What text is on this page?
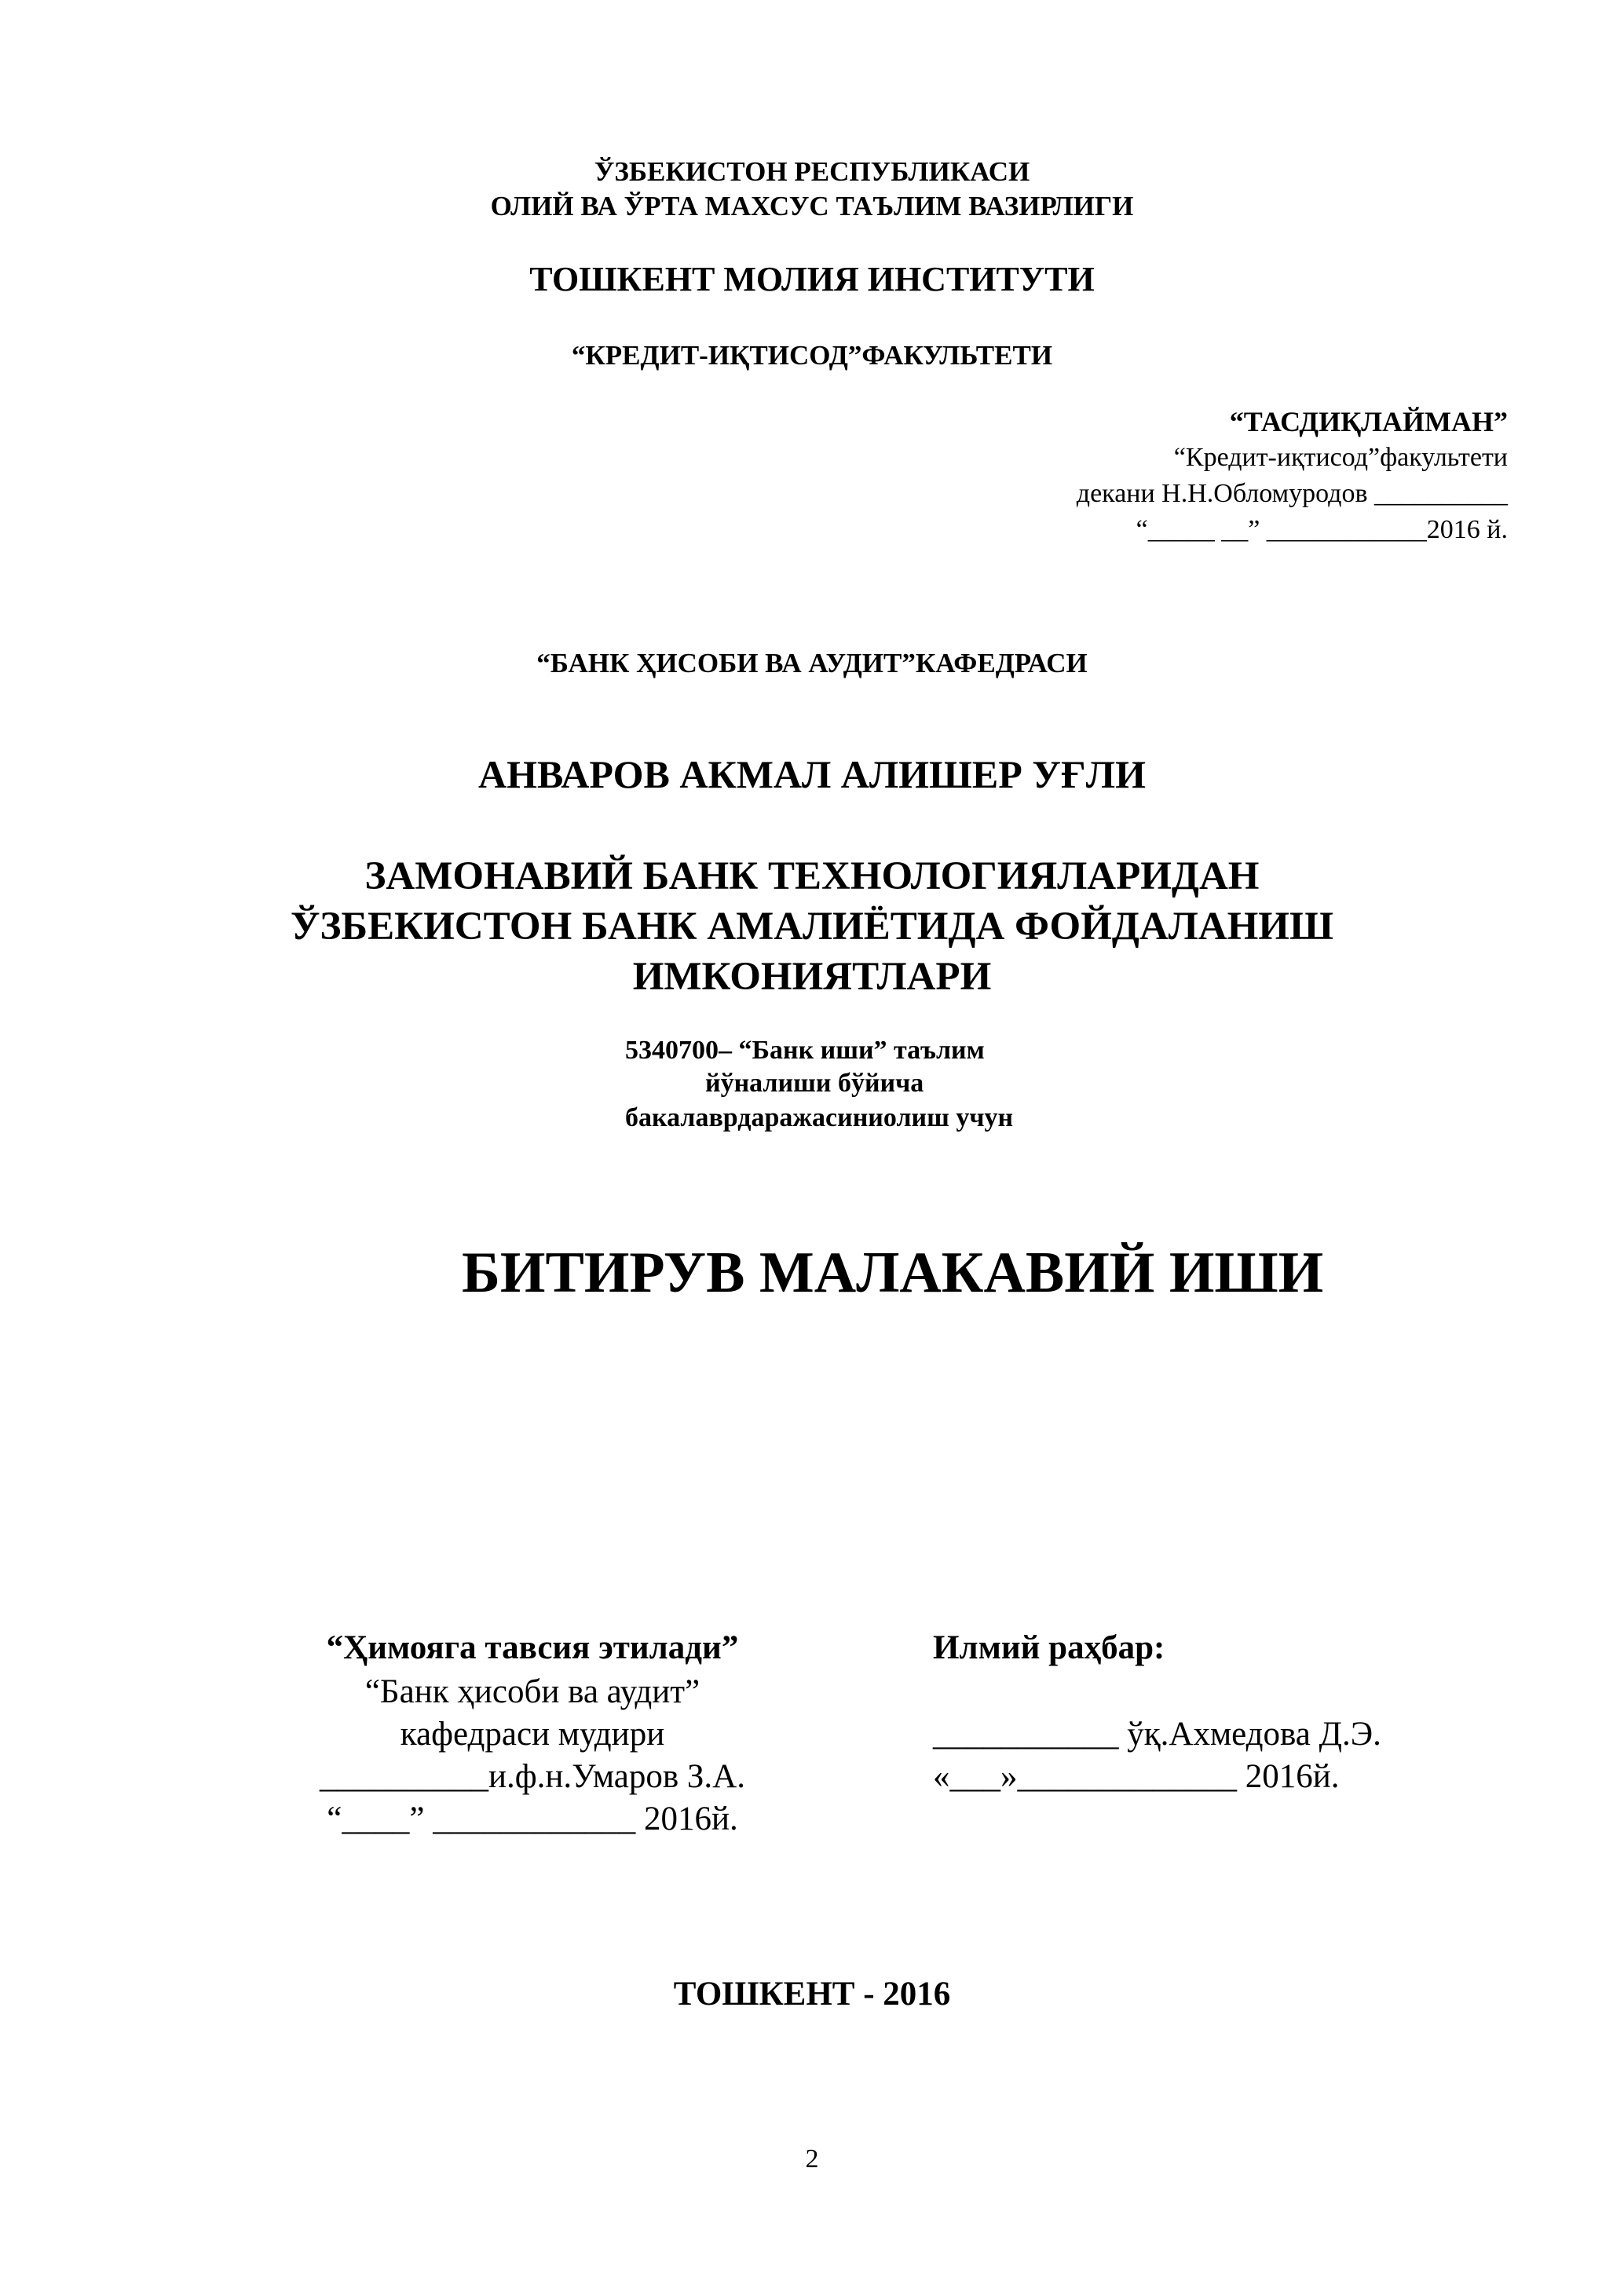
ЎЗБЕКИСТОН РЕСПУБЛИКАСИ
ОЛИЙ ВА ЎРТА МАХСУС ТАЪЛИМ ВАЗИРЛИГИ
ТОШКЕНТ МОЛИЯ ИНСТИТУТИ
“КРЕДИТ-ИҚТИСОД”ФАКУЛЬТЕТИ
“ТАСДИҚЛАЙМАН”
“Кредит-иқтисод”факультети
декани Н.Н.Обломуродов __________
“_____ __” ____________2016 й.
“БАНК ҲИСОБИ ВА АУДИТ”КАФЕДРАСИ
АНВАРОВ АКМАЛ АЛИШЕР УҒЛИ
ЗАМОНАВИЙ БАНК ТЕХНОЛОГИЯЛАРИДАН
ЎЗБЕКИСТОН БАНК АМАЛИЁТИДА ФОЙДАЛАНИШ
ИМКОНИЯТЛАРИ
5340700– “Банк иши” таълим
йўналиши бўйича
бакалаврдаражасиниолиш учун
БИТИРУВ МАЛАКАВИЙ ИШИ
“Ҳимояга тавсия этилади”
“Банк ҳисоби ва аудит”
кафедраси мудири
__________и.ф.н.Умаров З.А.
“____” ____________ 2016й.
Илмий раҳбар:
___________ ўқ.Ахмедова Д.Э.
«___»_____________ 2016й.
ТОШКЕНТ - 2016
2
